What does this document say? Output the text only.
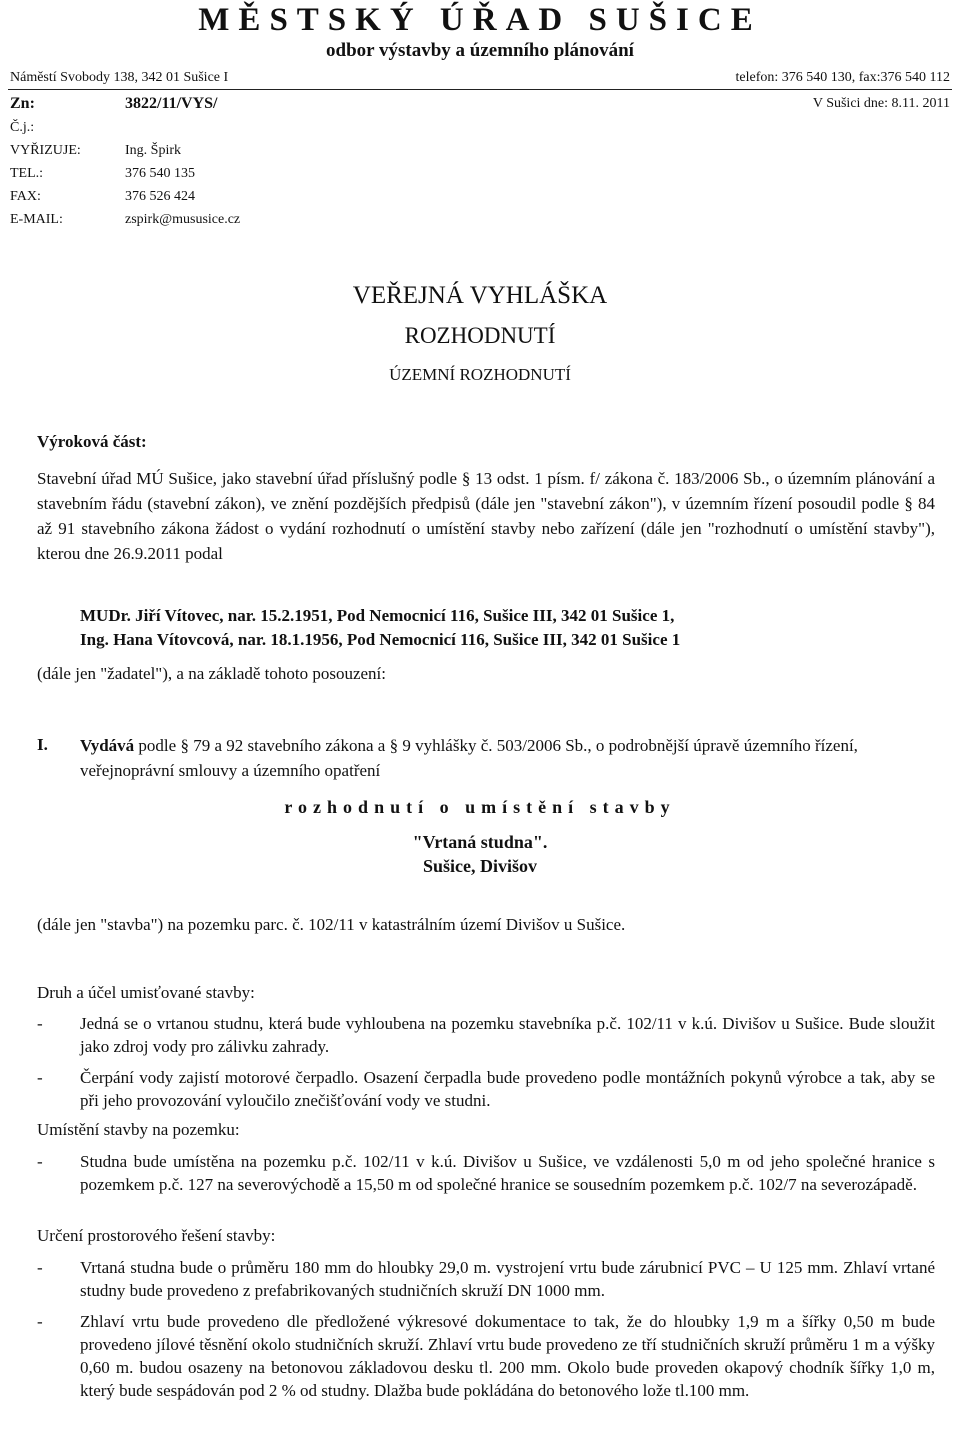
MĚSTSKÝ ÚŘAD SUŠICE
odbor výstavby a územního plánování
Náměstí Svobody 138, 342 01 Sušice I	telefon: 376 540 130, fax:376 540 112
Zn:	3822/11/VYS/	V Sušici dne: 8.11. 2011
Č.j.:
VYŘIZUJE:	Ing. Špirk
TEL.:	376 540 135
FAX:	376 526 424
E-MAIL:	zspirk@mususice.cz
VEŘEJNÁ VYHLÁŠKA
ROZHODNUTÍ
ÚZEMNÍ ROZHODNUTÍ
Výroková část:
Stavební úřad MÚ Sušice, jako stavební úřad příslušný podle § 13 odst. 1 písm. f/ zákona č. 183/2006 Sb., o územním plánování a stavebním řádu (stavební zákon), ve znění pozdějších předpisů (dále jen "stavební zákon"), v územním řízení posoudil podle § 84 až 91 stavebního zákona žádost o vydání rozhodnutí o umístění stavby nebo zařízení (dále jen "rozhodnutí o umístění stavby"), kterou dne 26.9.2011 podal
MUDr. Jiří Vítovec, nar. 15.2.1951, Pod Nemocnicí 116, Sušice III, 342 01 Sušice 1,
Ing. Hana Vítovcová, nar. 18.1.1956, Pod Nemocnicí 116, Sušice III, 342 01 Sušice 1
(dále jen "žadatel"), a na základě tohoto posouzení:
I. Vydává podle § 79 a 92 stavebního zákona a § 9 vyhlášky č. 503/2006 Sb., o podrobnější úpravě územního řízení, veřejnoprávní smlouvy a územního opatření
rozhodnutí o umístění stavby
"Vrtaná studna".
Sušice, Divišov
(dále jen "stavba") na pozemku parc. č. 102/11 v katastrálním území Divišov u Sušice.
Druh a účel umisťované stavby:
- Jedná se o vrtanou studnu, která bude vyhloubena na pozemku stavebníka p.č. 102/11 v k.ú. Divišov u Sušice. Bude sloužit jako zdroj vody pro zálivku zahrady.
- Čerpání vody zajistí motorové čerpadlo. Osazení čerpadla bude provedeno podle montážních pokynů výrobce a tak, aby se při jeho provozování vyloučilo znečišťování vody ve studni.
Umístění stavby na pozemku:
- Studna bude umístěna na pozemku p.č. 102/11 v k.ú. Divišov u Sušice, ve vzdálenosti 5,0 m od jeho společné hranice s pozemkem p.č. 127 na severovýchodě a 15,50 m od společné hranice se sousedním pozemkem p.č. 102/7 na severozápadě.
Určení prostorového řešení stavby:
- Vrtaná studna bude o průměru 180 mm do hloubky 29,0 m. vystrojení vrtu bude zárubnicí PVC – U 125 mm. Zhlaví vrtané studny bude provedeno z prefabrikovaných studničních skruží DN 1000 mm.
- Zhlaví vrtu bude provedeno dle předložené výkresové dokumentace to tak, že do hloubky 1,9 m a šířky 0,50 m bude provedeno jílové těsnění okolo studničních skruží. Zhlaví vrtu bude provedeno ze tří studničních skruží průměru 1 m a výšky 0,60 m. budou osazeny na betonovou základovou desku tl. 200 mm. Okolo bude proveden okapový chodník šířky 1,0 m, který bude sespádován pod 2 % od studny. Dlažba bude pokládána do betonového lože tl.100 mm.
